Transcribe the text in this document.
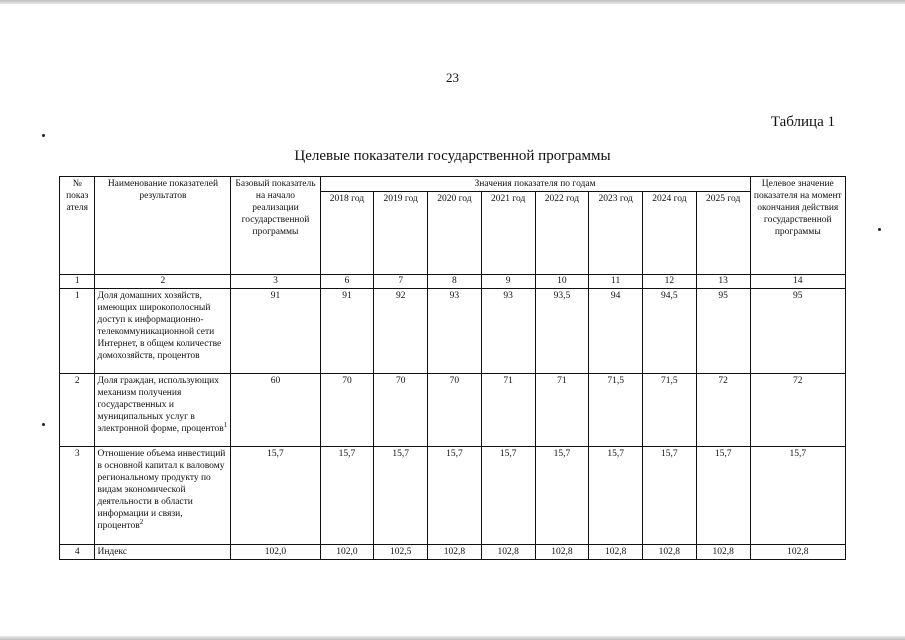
23
Таблица 1
Целевые показатели государственной программы
№ показ ателя	Наименование показателей результатов	Базовый показатель на начало реализации государственной программы	Значения показателя по годам								Целевое значение показателя на момент окончания действия государственной программы
			2018 год	2019 год	2020 год	2021 год	2022 год	2023 год	2024 год	2025 год	
1	2	3	6	7	8	9	10	11	12	13	14
1	Доля домашних хозяйств, имеющих широкополосный доступ к информационно-телекоммуникационной сети Интернет, в общем количестве домохозяйств, процентов	91	91	92	93	93	93,5	94	94,5	95	95
2	Доля граждан, использующих механизм получения государственных и муниципальных услуг в электронной форме, процентов$^1$	60	70	70	70	71	71	71,5	71,5	72	72
3	Отношение объема инвестиций в основной капитал к валовому региональному продукту по видам экономической деятельности в области информации и связи, процентов$^2$	15,7	15,7	15,7	15,7	15,7	15,7	15,7	15,7	15,7	15,7
4	Индекс	102,0	102,0	102,5	102,8	102,8	102,8	102,8	102,8	102,8	102,8
